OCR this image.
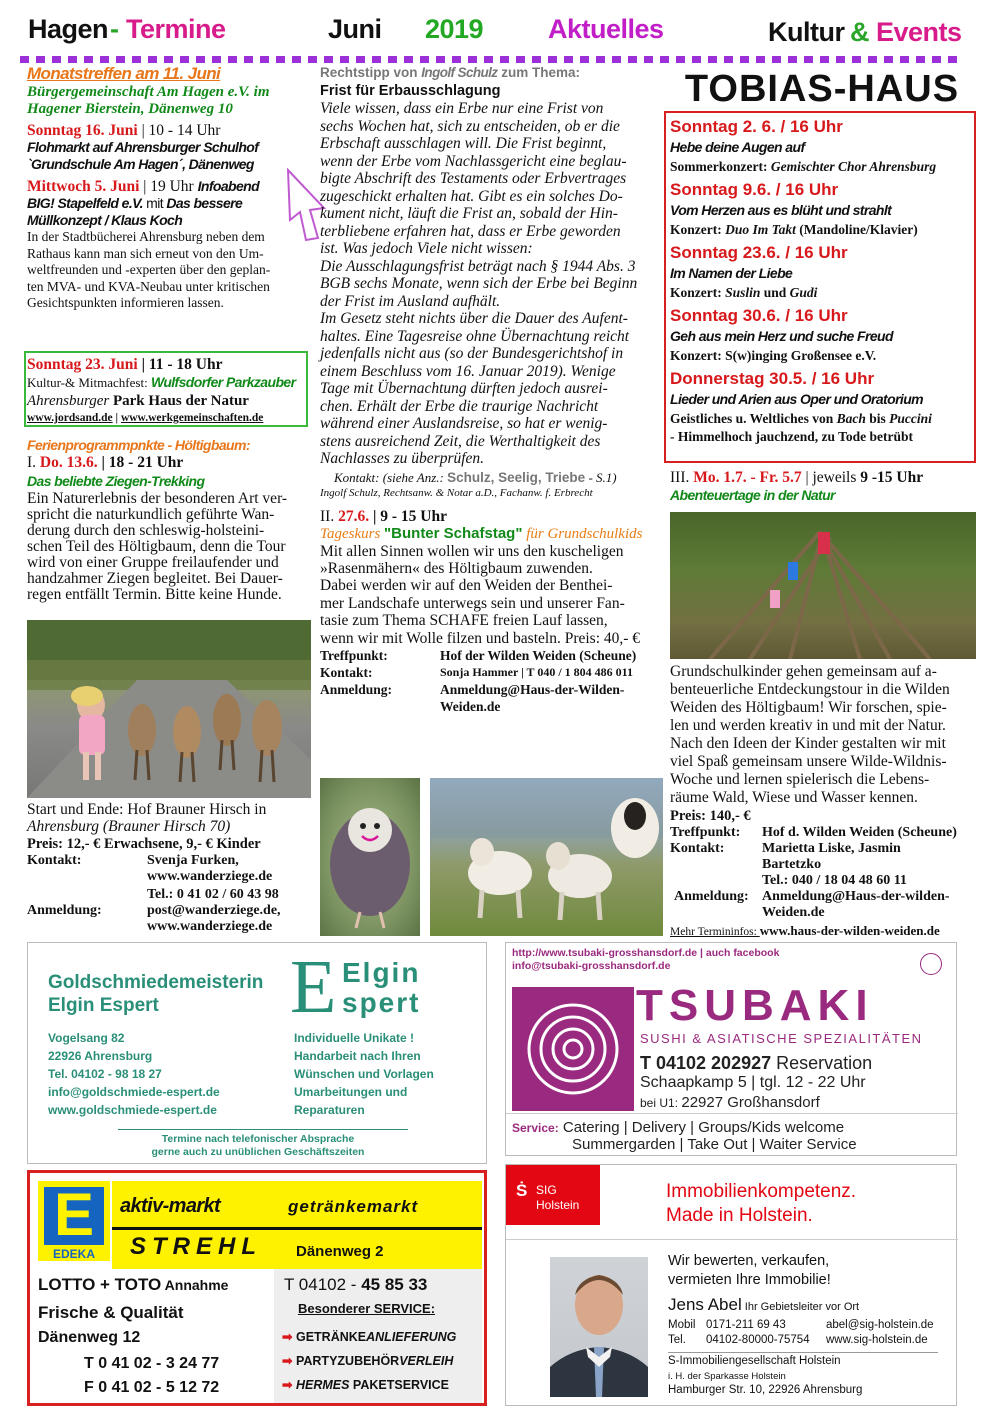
Hagen - Termine	Juni 2019 Aktuelles	Kultur & Events
Monatstreffen am 11. Juni
Bürgergemeinschaft Am Hagen e.V. im
Hagener Bierstein, Dänenweg 10
Sonntag 16. Juni | 10 - 14 Uhr
Flohmarkt auf Ahrensburger Schulhof
`Grundschule Am Hagen´, Dänenweg
Mittwoch 5. Juni | 19 Uhr Infoabend
BIG! Stapelfeld e.V. mit Das bessere
Müllkonzept / Klaus Koch
In der Stadtbücherei Ahrensburg neben dem
Rathaus kann man sich erneut von den Um-
weltfreunden und -experten über den geplan-
ten MVA- und KVA-Neubau unter kritischen
Gesichtspunkten informieren lassen.
Sonntag 23. Juni | 11 - 18 Uhr
Kultur-& Mitmachfest: Wulfsdorfer Parkzauber
Ahrensburger Park Haus der Natur
www.jordsand.de | www.werkgemeinschaften.de
Ferienprogrammpnkte - Höltigbaum:
I. Do. 13.6. | 18 - 21 Uhr
Das beliebte Ziegen-Trekking
Ein Naturerlebnis der besonderen Art ver-
spricht die naturkundlich geführte Wan-
derung durch den schleswig-holsteini-
schen Teil des Höltigbaum, denn die Tour
wird von einer Gruppe freilaufender und
handzahmer Ziegen begleitet. Bei Dauer-
regen entfällt Termin. Bitte keine Hunde.
Start und Ende: Hof Brauner Hirsch in
Ahrensburg (Brauner Hirsch 70)
Preis: 12,- € Erwachsene, 9,- € Kinder
Kontakt:	Svenja Furken,
www.wanderziege.de
Tel.: 0 41 02 / 60 43 98
Anmeldung:	post@wanderziege.de,
www.wanderziege.de
Rechtstipp von Ingolf Schulz zum Thema:
Frist für Erbausschlagung
Viele wissen, dass ein Erbe nur eine Frist von
sechs Wochen hat, sich zu entscheiden, ob er die
Erbschaft ausschlagen will. Die Frist beginnt,
wenn der Erbe vom Nachlassgericht eine beglau-
bigte Abschrift des Testaments oder Erbvertrages
zugeschickt erhalten hat. Gibt es ein solches Do-
kument nicht, läuft die Frist an, sobald der Hin-
terbliebene erfahren hat, dass er Erbe geworden
ist. Was jedoch Viele nicht wissen:
Die Ausschlagungsfrist beträgt nach § 1944 Abs. 3
BGB sechs Monate, wenn sich der Erbe bei Beginn
der Frist im Ausland aufhält.
Im Gesetz steht nichts über die Dauer des Aufent-
haltes. Eine Tagesreise ohne Übernachtung reicht
jedenfalls nicht aus (so der Bundesgerichtshof in
einem Beschluss vom 16. Januar 2019). Wenige
Tage mit Übernachtung dürften jedoch ausrei-
chen. Erhält der Erbe die traurige Nachricht
während einer Auslandsreise, so hat er wenig-
stens ausreichend Zeit, die Werthaltigkeit des
Nachlasses zu überprüfen.
Kontakt: (siehe Anz.: Schulz, Seelig, Triebe - S.1)
Ingolf Schulz, Rechtsanw. & Notar a.D., Fachanw. f. Erbrecht
II. 27.6. | 9 - 15 Uhr
Tageskurs "Bunter Schafstag" für Grundschulkids
Mit allen Sinnen wollen wir uns den kuscheligen
»Rasenmähern« des Höltigbaum zuwenden.
Dabei werden wir auf den Weiden der Benthei-
mer Landschafe unterwegs sein und unserer Fan-
tasie zum Thema SCHAFE freien Lauf lassen,
wenn wir mit Wolle filzen und basteln. Preis: 40,- €
Treffpunkt:	Hof der Wilden Weiden (Scheune)
Kontakt:	Sonja Hammer | T 040 / 1 804 486 011
Anmeldung:	Anmeldung@Haus-der-Wilden-
Weiden.de
TOBIAS-HAUS
Sonntag 2. 6. / 16 Uhr
Hebe deine Augen auf
Sommerkonzert: Gemischter Chor Ahrensburg
Sonntag 9.6. / 16 Uhr
Vom Herzen aus es blüht und strahlt
Konzert: Duo Im Takt (Mandoline/Klavier)
Sonntag 23.6. / 16 Uhr
Im Namen der Liebe
Konzert: Suslin und Gudi
Sonntag 30.6. / 16 Uhr
Geh aus mein Herz und suche Freud
Konzert: S(w)inging Großensee e.V.
Donnerstag 30.5. / 16 Uhr
Lieder und Arien aus Oper und Oratorium
Geistliches u. Weltliches von Bach bis Puccini
- Himmelhoch jauchzend, zu Tode betrübt
III. Mo. 1.7. - Fr. 5.7 | jeweils 9 -15 Uhr
Abenteuertage in der Natur
Grundschulkinder gehen gemeinsam auf a-
benteuerliche Entdeckungstour in die Wilden
Weiden des Höltigbaum! Wir forschen, spie-
len und werden kreativ in und mit der Natur.
Nach den Ideen der Kinder gestalten wir mit
viel Spaß gemeinsam unsere Wilde-Wildnis-
Woche und lernen spielerisch die Lebens-
räume Wald, Wiese und Wasser kennen.
Preis: 140,- €
Treffpunkt: Hof d. Wilden Weiden (Scheune)
Kontakt:	Marietta Liske, Jasmin
Bartetzko
Tel.: 040 / 18 04 48 60 11
Anmeldung: Anmeldung@Haus-der-wilden-
Weiden.de
Mehr Termininfos: www.haus-der-wilden-weiden.de
Goldschmiedemeisterin
Elgin Espert E Elgin
spert
Vogelsang 82
22926 Ahrensburg
Tel. 04102 - 98 18 27
info@goldschmiede-espert.de
www.goldschmiede-espert.de
Individuelle Unikate !
Handarbeit nach Ihren
Wünschen und Vorlagen
Umarbeitungen und
Reparaturen
Termine nach telefonischer Absprache
gerne auch zu unüblichen Geschäftszeiten
http://www.tsubaki-grosshansdorf.de | auch facebook
info@tsubaki-grosshansdorf.de
TSUBAKI
SUSHI & ASIATISCHE SPEZIALITÄTEN
T 04102 202927 Reservation
Schaapkamp 5 | tgl. 12 - 22 Uhr
bei U1: 22927 Großhansdorf
Service: Catering | Delivery | Groups/Kids welcome
Summergarden | Take Out | Waiter Service
E
EDEKA
aktiv-markt	getränkemarkt
STREHL Dänenweg 2
LOTTO + TOTO Annahme
Frische & Qualität
Dänenweg 12
T 0 41 02 - 3 24 77
F 0 41 02 - 5 12 72
T 04102 - 45 85 33
Besonderer SERVICE:
➡ GETRÄNKEANLIEFERUNG
➡ PARTYZUBEHÖRVERLEIH
➡ HERMES PAKETSERVICE
Ṡ SIG
Holstein
Immobilienkompetenz.
Made in Holstein.
Wir bewerten, verkaufen,
vermieten Ihre Immobilie!
Jens Abel Ihr Gebietsleiter vor Ort
Mobil 0171-211 69 43	abel@sig-holstein.de
Tel. 04102-80000-75754 www.sig-holstein.de
S-Immobiliengesellschaft Holstein
i. H. der Sparkasse Holstein
Hamburger Str. 10, 22926 Ahrensburg
